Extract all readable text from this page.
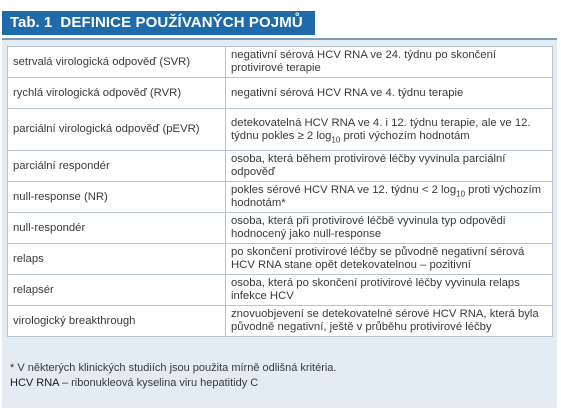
Tab. 1 DEFINICE POUŽÍVANÝCH POJMŮ
setrvalá virologická odpověď (SVR)	negativní sérová HCV RNA ve 24. týdnu po skončení protivirové terapie
rychlá virologická odpověď (RVR)	negativní sérová HCV RNA ve 4. týdnu terapie
parciální virologická odpověď (pEVR)	detekovatelná HCV RNA ve 4. i 12. týdnu terapie, ale ve 12. týdnu pokles ≥ 2 $\log_{10}$ proti výchozím hodnotám
parciální respondér	osoba, která během protivirové léčby vyvinula parciální odpověď
null-response (NR)	pokles sérové HCV RNA ve 12. týdnu < 2 $\log_{10}$ proti výchozím hodnotám*
null-respondér	osoba, která při protivirové léčbě vyvinula typ odpovědi hodnocený jako null-response
relaps	po skončení protivirové léčby se původně negativní sérová HCV RNA stane opět detekovatelnou – pozitivní
relapsér	osoba, která po skončení protivirové léčby vyvinula relaps infekce HCV
virologický breakthrough	znovuobjevení se detekovatelné sérové HCV RNA, která byla původně negativní, ještě v průběhu protivirové léčby
* V některých klinických studiích jsou použita mírně odlišná kritéria.
HCV RNA – ribonukleová kyselina viru hepatitidy C
